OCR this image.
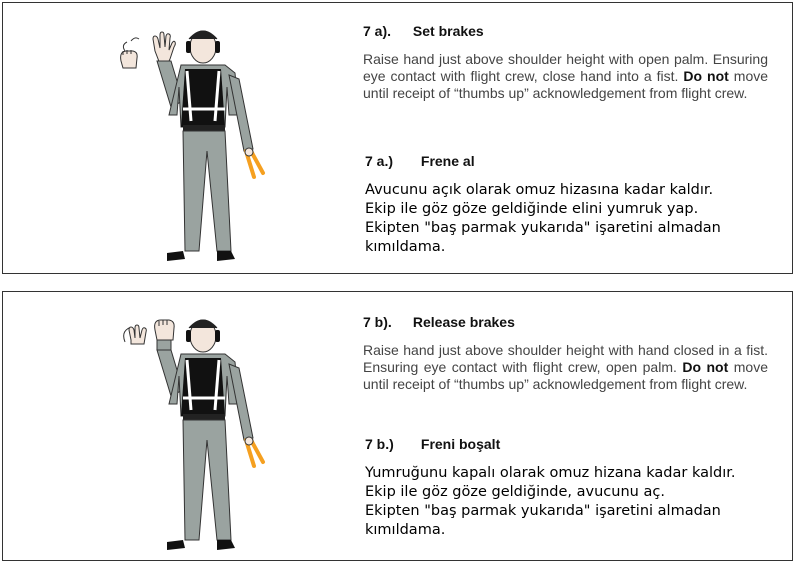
7 a). Set brakes
Raise hand just above shoulder height with open palm. Ensuring eye contact with flight crew, close hand into a fist. Do not move until receipt of “thumbs up” acknowledgement from flight crew.
7 a.) Frene al
Avucunu açık olarak omuz hizasına kadar kaldır.
Ekip ile göz göze geldiğinde elini yumruk yap.
Ekipten "baş parmak yukarıda" işaretini almadan kımıldama.
7 b). Release brakes
Raise hand just above shoulder height with hand closed in a fist. Ensuring eye contact with flight crew, open palm. Do not move until receipt of “thumbs up” acknowledgement from flight crew.
7 b.) Freni boşalt
Yumruğunu kapalı olarak omuz hizana kadar kaldır.
Ekip ile göz göze geldiğinde, avucunu aç.
Ekipten "baş parmak yukarıda" işaretini almadan kımıldama.
